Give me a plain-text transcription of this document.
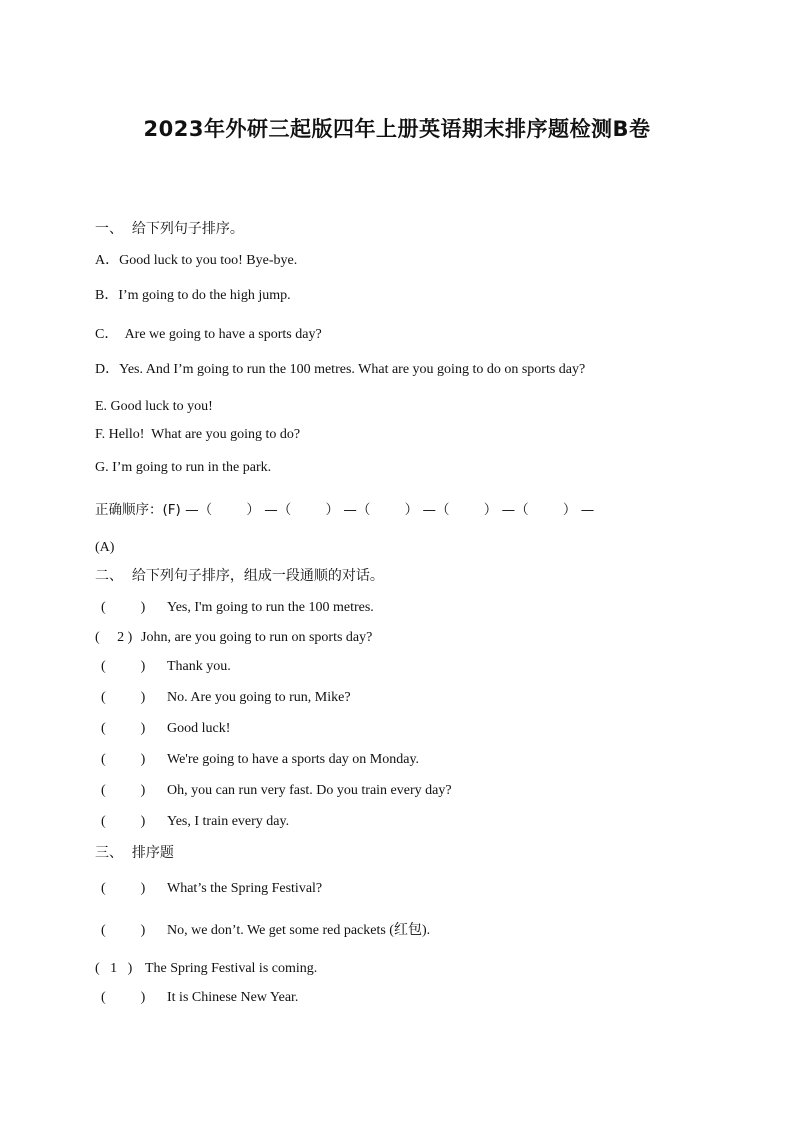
2023年外研三起版四年上册英语期末排序题检测B卷
一、  给下列句子排序。
A．Good luck to you too! Bye-bye.
B．I’m going to do the high jump.
C．  Are we going to have a sports day?
D．Yes. And I’m going to run the 100 metres. What are you going to do on sports day?
E. Good luck to you!
F. Hello!  What are you going to do?
G. I’m going to run in the park.
正确顺序：(F) —（        ） —（        ） —（        ） —（        ） —（        ） —
(A)
二、  给下列句子排序，组成一段通顺的对话。
(          ) Yes, I'm going to run the 100 metres.
(     2 ) John, are you going to run on sports day?
(          ) Thank you.
(          ) No. Are you going to run, Mike?
(          ) Good luck!
(          ) We're going to have a sports day on Monday.
(          ) Oh, you can run very fast. Do you train every day?
(          ) Yes, I train every day.
三、  排序题
(          ) What’s the Spring Festival?
(          ) No, we don’t. We get some red packets (红包).
(   1   ) The Spring Festival is coming.
(          ) It is Chinese New Year.
